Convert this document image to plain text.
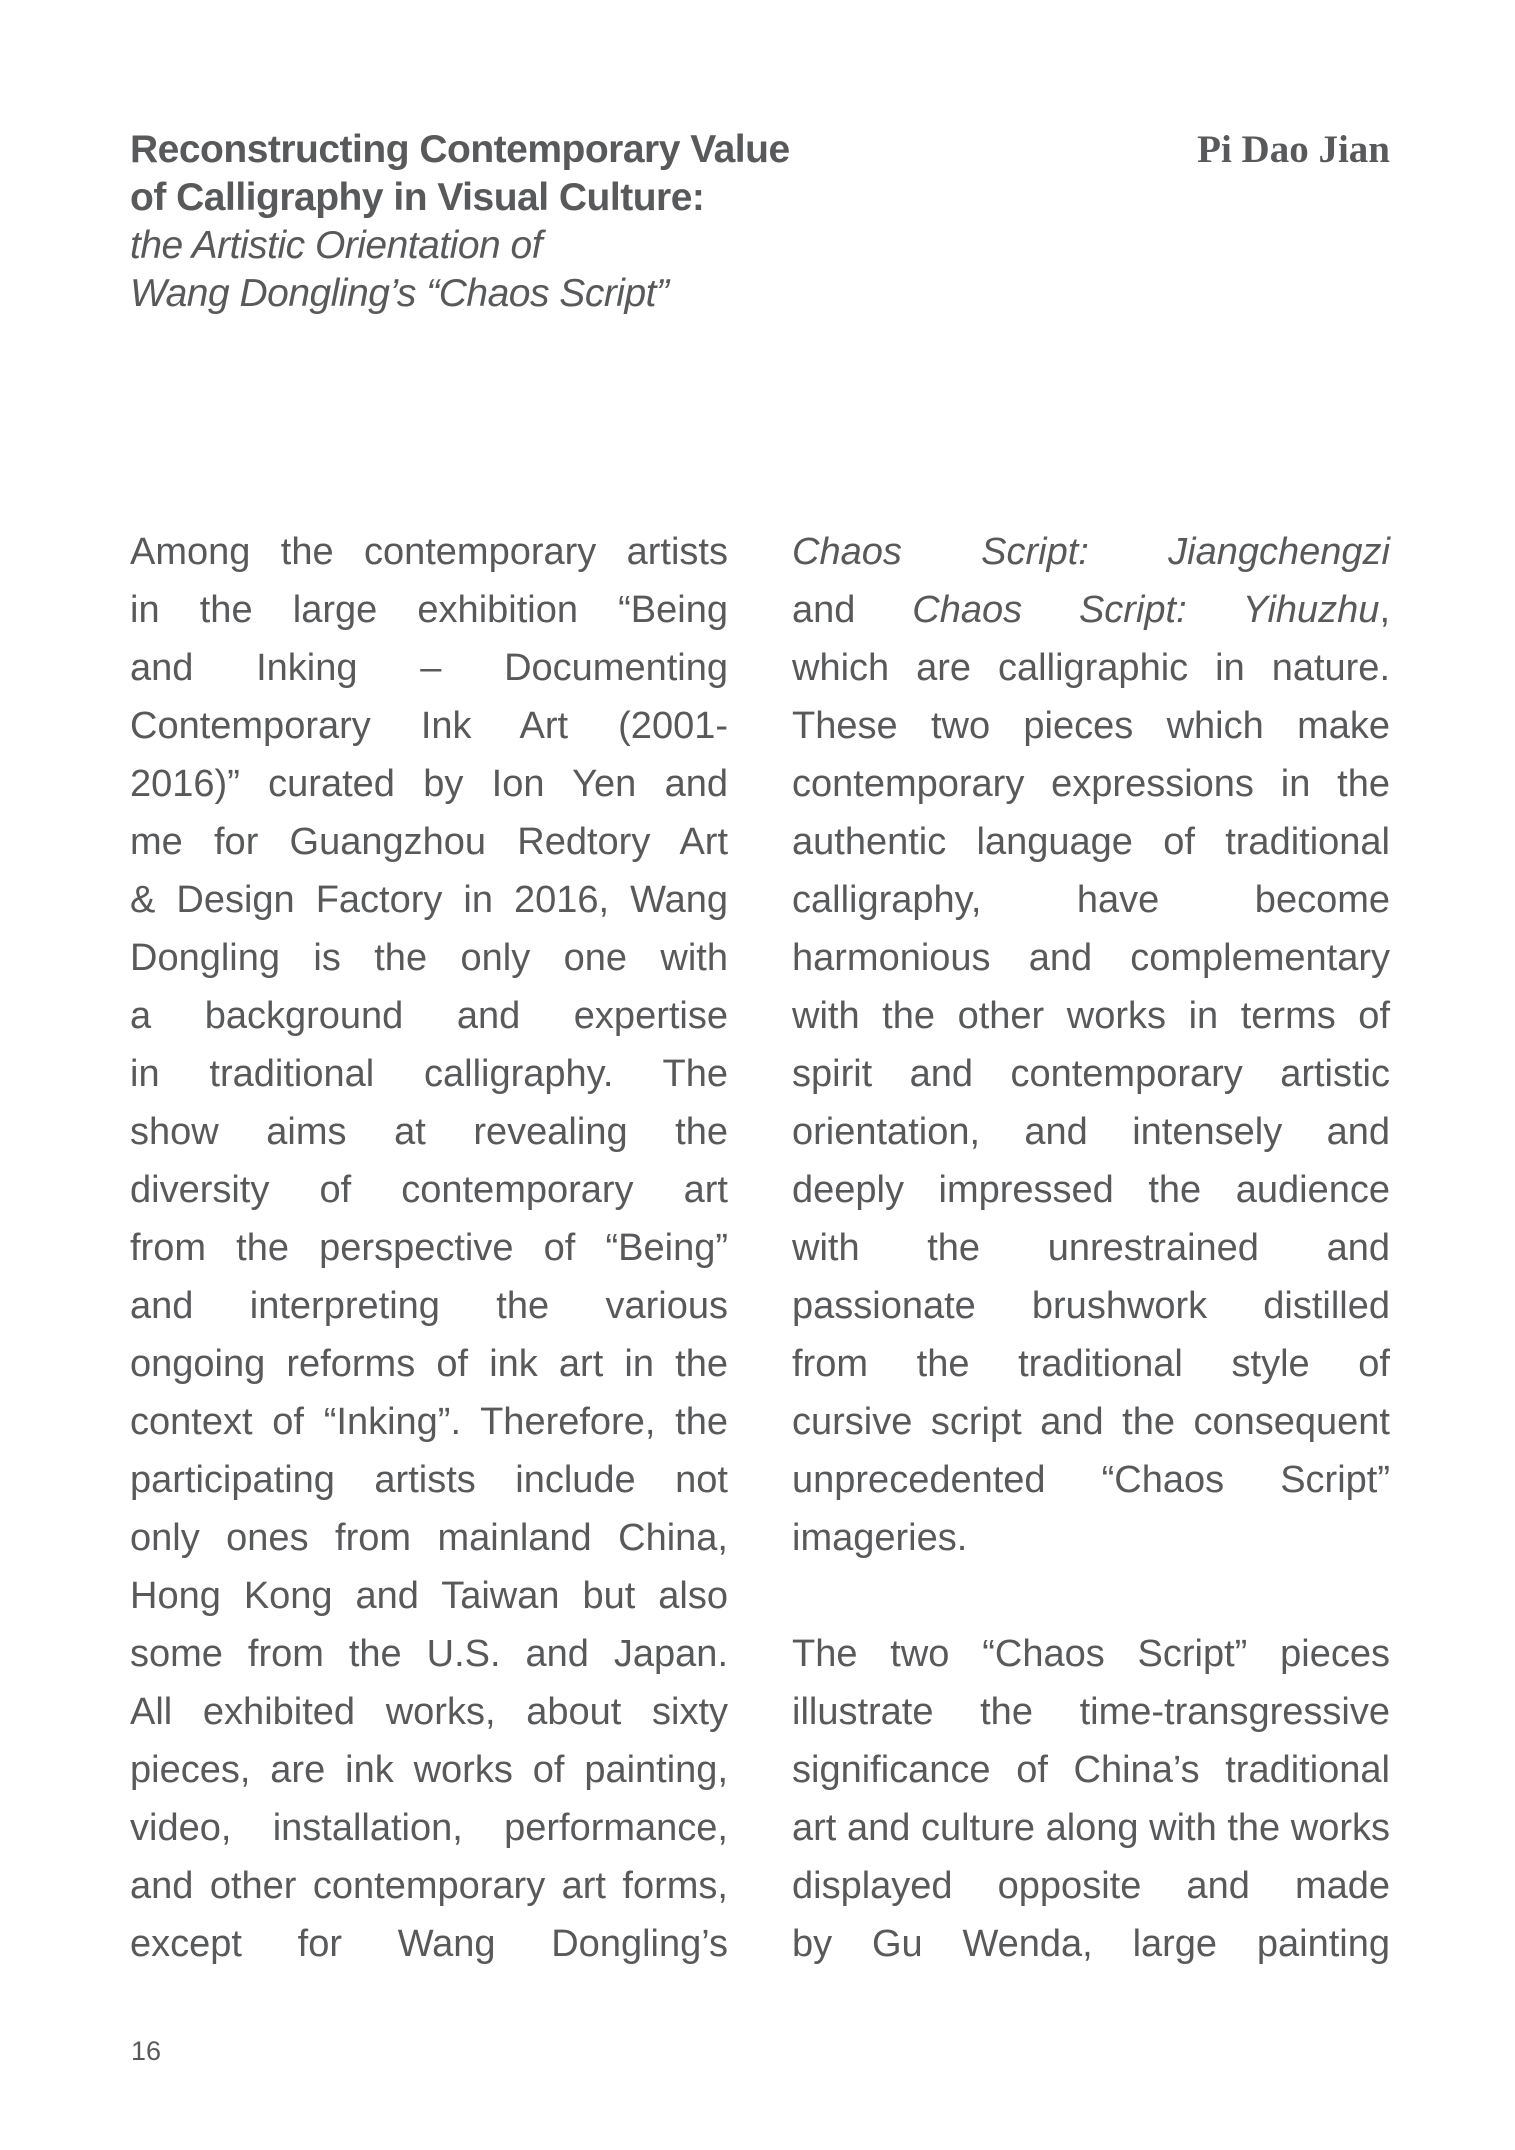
Reconstructing Contemporary Value
of Calligraphy in Visual Culture:
the Artistic Orientation of
Wang Dongling’s “Chaos Script”
Pi Dao Jian
Among the contemporary artists
in the large exhibition “Being
and Inking – Documenting
Contemporary Ink Art (2001-
2016)” curated by Ion Yen and
me for Guangzhou Redtory Art
& Design Factory in 2016, Wang
Dongling is the only one with
a background and expertise
in traditional calligraphy. The
show aims at revealing the
diversity of contemporary art
from the perspective of “Being”
and interpreting the various
ongoing reforms of ink art in the
context of “Inking”. Therefore, the
participating artists include not
only ones from mainland China,
Hong Kong and Taiwan but also
some from the U.S. and Japan.
All exhibited works, about sixty
pieces, are ink works of painting,
video, installation, performance,
and other contemporary art forms,
except for Wang Dongling’s
Chaos Script: Jiangchengzi
and Chaos Script: Yihuzhu,
which are calligraphic in nature.
These two pieces which make
contemporary expressions in the
authentic language of traditional
calligraphy, have become
harmonious and complementary
with the other works in terms of
spirit and contemporary artistic
orientation, and intensely and
deeply impressed the audience
with the unrestrained and
passionate brushwork distilled
from the traditional style of
cursive script and the consequent
unprecedented “Chaos Script”
imageries.
The two “Chaos Script” pieces
illustrate the time-transgressive
significance of China’s traditional
art and culture along with the works
displayed opposite and made
by Gu Wenda, large painting
16
